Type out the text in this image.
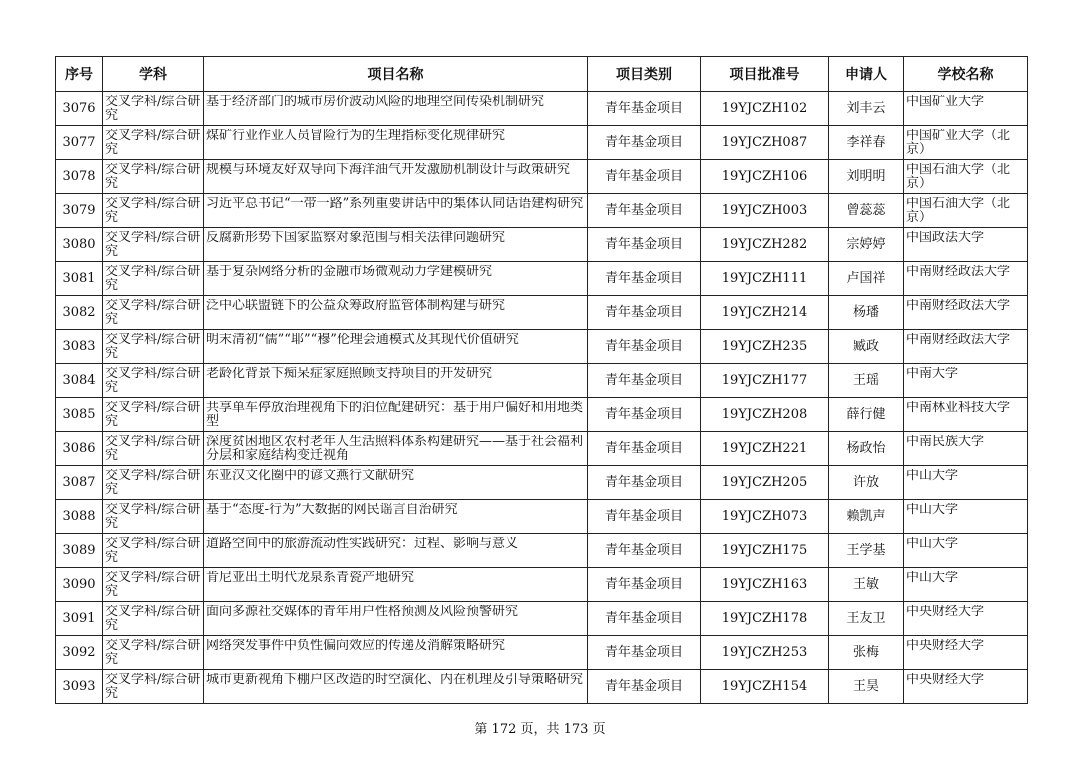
序号	学科	项目名称	项目类别	项目批准号	申请人	学校名称
3076	交叉学科/综合研究	基于经济部门的城市房价波动风险的地理空间传染机制研究	青年基金项目	19YJCZH102	刘丰云	中国矿业大学

3077	交叉学科/综合研究	煤矿行业作业人员冒险行为的生理指标变化规律研究	青年基金项目	19YJCZH087	李祥春	中国矿业大学（北京）

3078	交叉学科/综合研究	规模与环境友好双导向下海洋油气开发激励机制设计与政策研究	青年基金项目	19YJCZH106	刘明明	中国石油大学（北京）

3079	交叉学科/综合研究	习近平总书记“一带一路”系列重要讲话中的集体认同话语建构研究	青年基金项目	19YJCZH003	曾蕊蕊	中国石油大学（北京）

3080	交叉学科/综合研究	反腐新形势下国家监察对象范围与相关法律问题研究	青年基金项目	19YJCZH282	宗婷婷	中国政法大学

3081	交叉学科/综合研究	基于复杂网络分析的金融市场微观动力学建模研究	青年基金项目	19YJCZH111	卢国祥	中南财经政法大学

3082	交叉学科/综合研究	泛中心联盟链下的公益众筹政府监管体制构建与研究	青年基金项目	19YJCZH214	杨璠	中南财经政法大学

3083	交叉学科/综合研究	明末清初“儒”“耶”“穆”伦理会通模式及其现代价值研究	青年基金项目	19YJCZH235	臧政	中南财经政法大学

3084	交叉学科/综合研究	老龄化背景下痴呆症家庭照顾支持项目的开发研究	青年基金项目	19YJCZH177	王瑶	中南大学

3085	交叉学科/综合研究	共享单车停放治理视角下的泊位配建研究：基于用户偏好和用地类型	青年基金项目	19YJCZH208	薛行健	中南林业科技大学

3086	交叉学科/综合研究	深度贫困地区农村老年人生活照料体系构建研究——基于社会福利分层和家庭结构变迁视角	青年基金项目	19YJCZH221	杨政怡	中南民族大学

3087	交叉学科/综合研究	东亚汉文化圈中的谚文燕行文献研究	青年基金项目	19YJCZH205	许放	中山大学

3088	交叉学科/综合研究	基于“态度-行为”大数据的网民谣言自治研究	青年基金项目	19YJCZH073	赖凯声	中山大学

3089	交叉学科/综合研究	道路空间中的旅游流动性实践研究：过程、影响与意义	青年基金项目	19YJCZH175	王学基	中山大学

3090	交叉学科/综合研究	肯尼亚出土明代龙泉系青瓷产地研究	青年基金项目	19YJCZH163	王敏	中山大学

3091	交叉学科/综合研究	面向多源社交媒体的青年用户性格预测及风险预警研究	青年基金项目	19YJCZH178	王友卫	中央财经大学

3092	交叉学科/综合研究	网络突发事件中负性偏向效应的传递及消解策略研究	青年基金项目	19YJCZH253	张梅	中央财经大学

3093	交叉学科/综合研究	城市更新视角下棚户区改造的时空演化、内在机理及引导策略研究	青年基金项目	19YJCZH154	王昊	中央财经大学
第 172 页，共 173 页
